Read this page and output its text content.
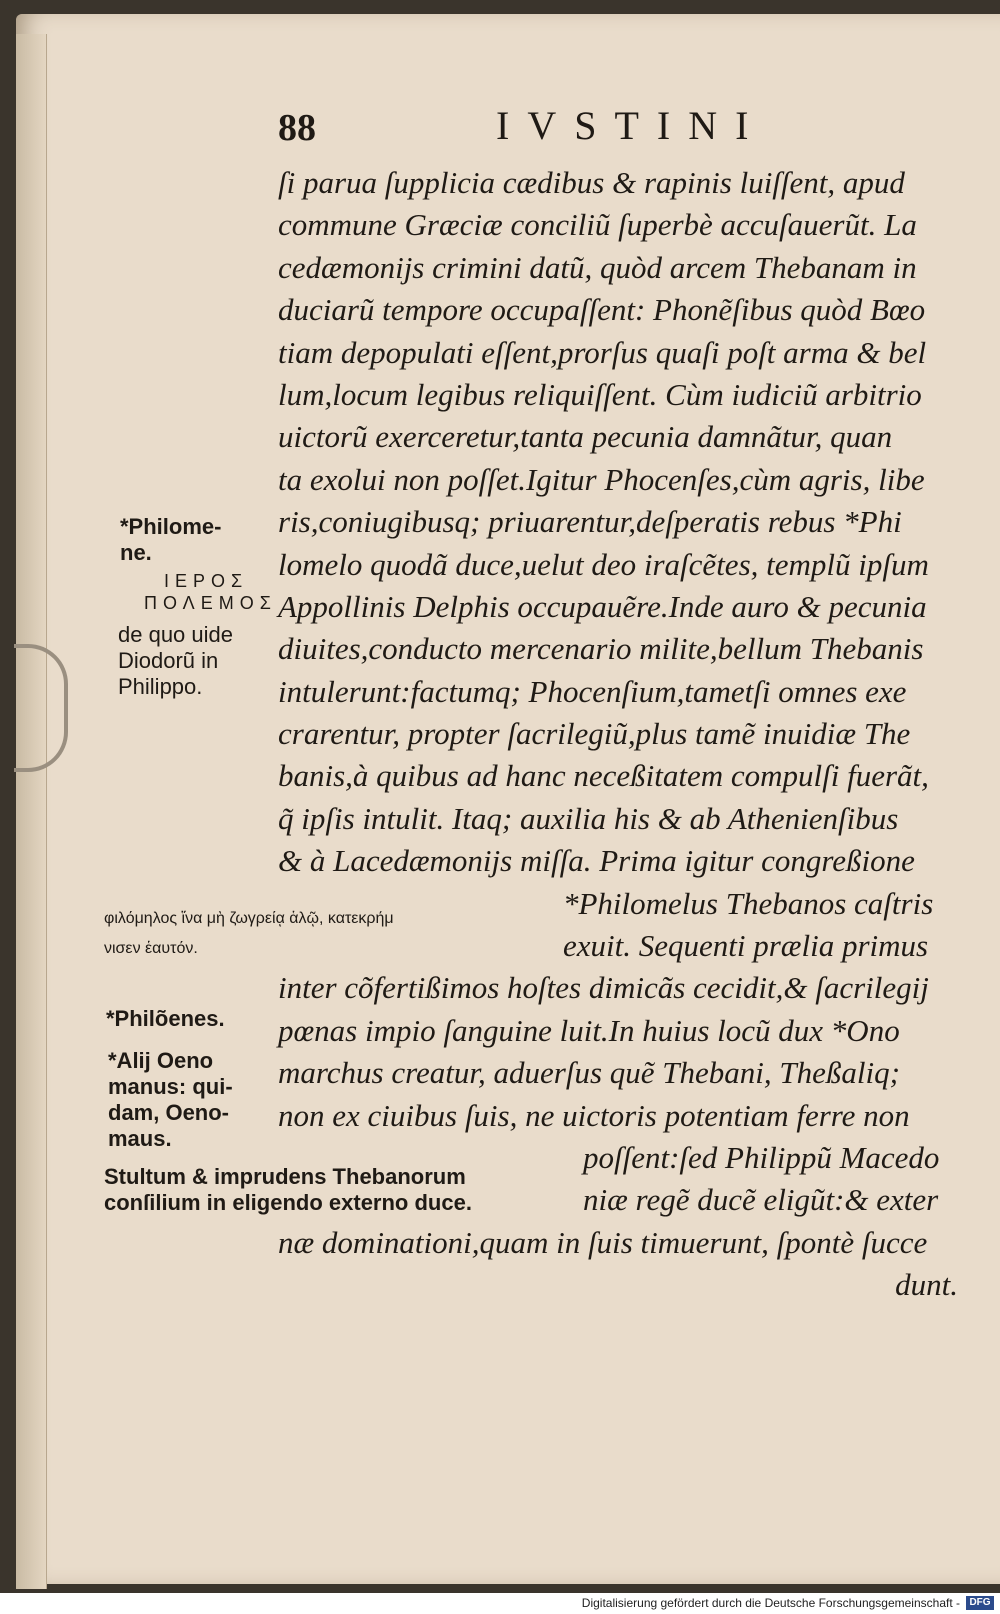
88	IVSTINI
ſi parua ſupplicia cædibus & rapinis luiſſent, apud
commune Græciæ conciliũ ſuperbè accuſauerũt. La
cedæmonijs crimini datũ, quòd arcem Thebanam in
duciarũ tempore occupaſſent: Phonẽſibus quòd Bœo
tiam depopulati eſſent,prorſus quaſi poſt arma & bel
lum,locum legibus reliquiſſent. Cùm iudiciũ arbitrio
uictorũ exerceretur,tanta pecunia damnãtur, quan
ta exolui non poſſet.Igitur Phocenſes,cùm agris, libe
ris,coniugibusq; priuarentur,deſperatis rebus *Phi
lomelo quodã duce,uelut deo iraſcẽtes, templũ ipſum
Appollinis Delphis occupauẽre.Inde auro & pecunia
diuites,conducto mercenario milite,bellum Thebanis
intulerunt:factumq; Phocenſium,tametſi omnes exe
crarentur, propter ſacrilegiũ,plus tamẽ inuidiæ The
banis,à quibus ad hanc neceßitatem compulſi fuerãt,
q̃ ipſis intulit. Itaq; auxilia his & ab Athenienſibus
& à Lacedæmonijs miſſa. Prima igitur congreßione
*Philomelus Thebanos caſtris
exuit. Sequenti prælia primus
inter cõfertißimos hoſtes dimicãs cecidit,& ſacrilegij
pœnas impio ſanguine luit.In huius locũ dux *Ono
marchus creatur, aduerſus quẽ Thebani, Theßaliq;
non ex ciuibus ſuis, ne uictoris potentiam ferre non
poſſent:ſed Philippũ Macedo
niæ regẽ ducẽ eligũt:& exter
næ dominationi,quam in ſuis timuerunt, ſpontè ſucce
dunt.
*Philome-
ne.
ΙΕΡΟΣ
ΠΟΛΕΜΟΣ
de quo uide
Diodorũ in
Philippo.
φιλόμηλος ἵνα μὴ ζωγρείᾳ ἁλῷ, κατεκρήμ
νισεν ἑαυτόν.
*Philõenes.
*Alij Oeno
manus: qui-
dam, Oeno-
maus.
Stultum & imprudens Thebanorum
conſilium in eligendo externo duce.
Digitalisierung gefördert durch die Deutsche Forschungsgemeinschaft - DFG
